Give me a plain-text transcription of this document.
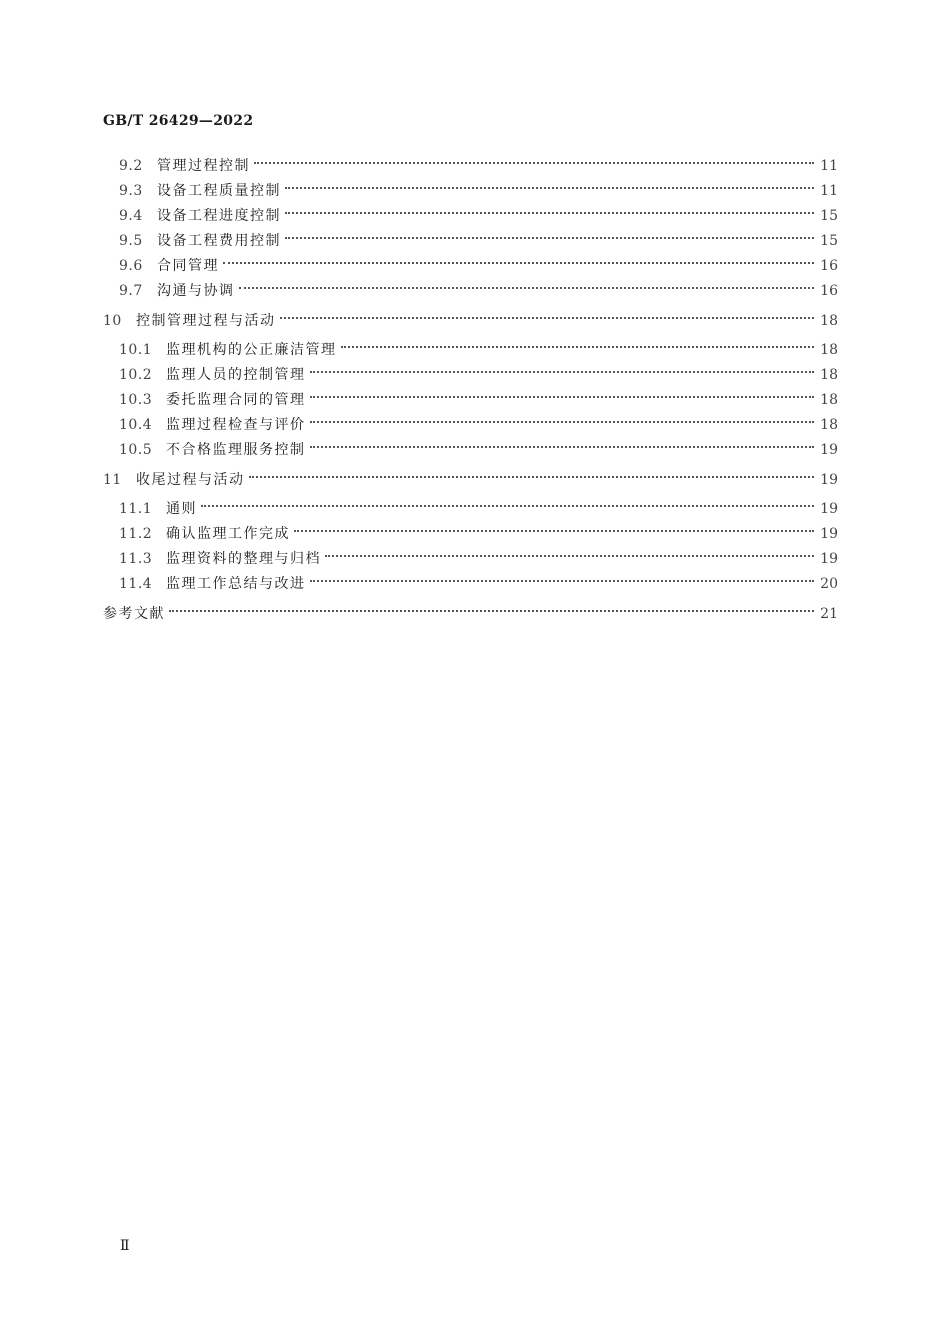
GB/T 26429—2022
9.2	管理过程控制	11
9.3	设备工程质量控制	11
9.4	设备工程进度控制	15
9.5	设备工程费用控制	15
9.6	合同管理	16
9.7	沟通与协调	16
10	控制管理过程与活动	18
10.1 监理机构的公正廉洁管理	18
10.2 监理人员的控制管理	18
10.3 委托监理合同的管理	18
10.4 监理过程检查与评价	18
10.5 不合格监理服务控制	19
11	收尾过程与活动	19
11.1 通则	19
11.2 确认监理工作完成	19
11.3 监理资料的整理与归档	19
11.4 监理工作总结与改进	20
参考文献	21
Ⅱ
